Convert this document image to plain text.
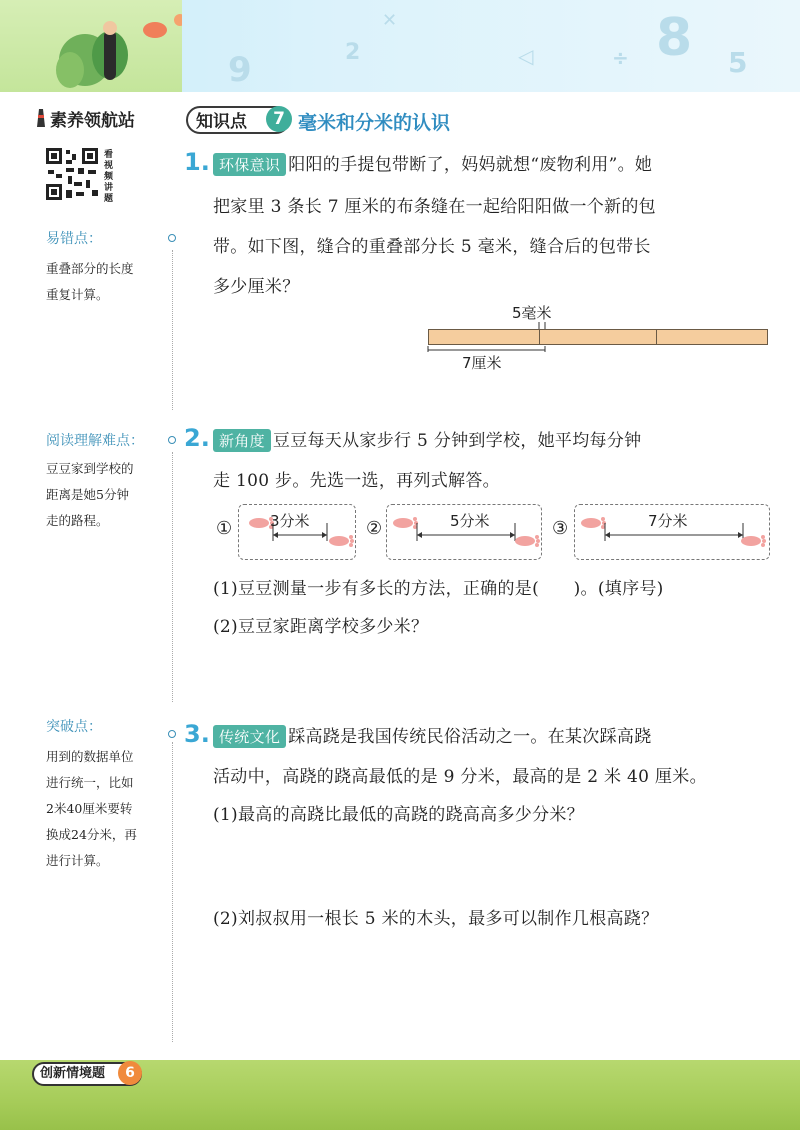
9	2
✕
◁	÷ 8 5
素养领航站
看视频讲题
易错点：
重叠部分的长度
重复计算。
阅读理解难点：
豆豆家到学校的
距离是她5分钟
走的路程。
突破点：
用到的数据单位
进行统一，比如
2米40厘米要转
换成24分米，再
进行计算。
知识点	7 毫米和分米的认识
1. 环保意识 阳阳的手提包带断了，妈妈就想“废物利用”。她
把家里 3 条长 7 厘米的布条缝在一起给阳阳做一个新的包
带。如下图，缝合的重叠部分长 5 毫米，缝合后的包带长
多少厘米？
5毫米
7厘米
2. 新角度 豆豆每天从家步行 5 分钟到学校，她平均每分钟
走 100 步。先选一选，再列式解答。
①	3分米	②	5分米	③	7分米
(1)豆豆测量一步有多长的方法，正确的是(　　)。(填序号)
(2)豆豆家距离学校多少米？
3. 传统文化 踩高跷是我国传统民俗活动之一。在某次踩高跷
活动中，高跷的跷高最低的是 9 分米，最高的是 2 米 40 厘米。
(1)最高的高跷比最低的高跷的跷高高多少分米？
(2)刘叔叔用一根长 5 米的木头，最多可以制作几根高跷？
创新情境题	6
